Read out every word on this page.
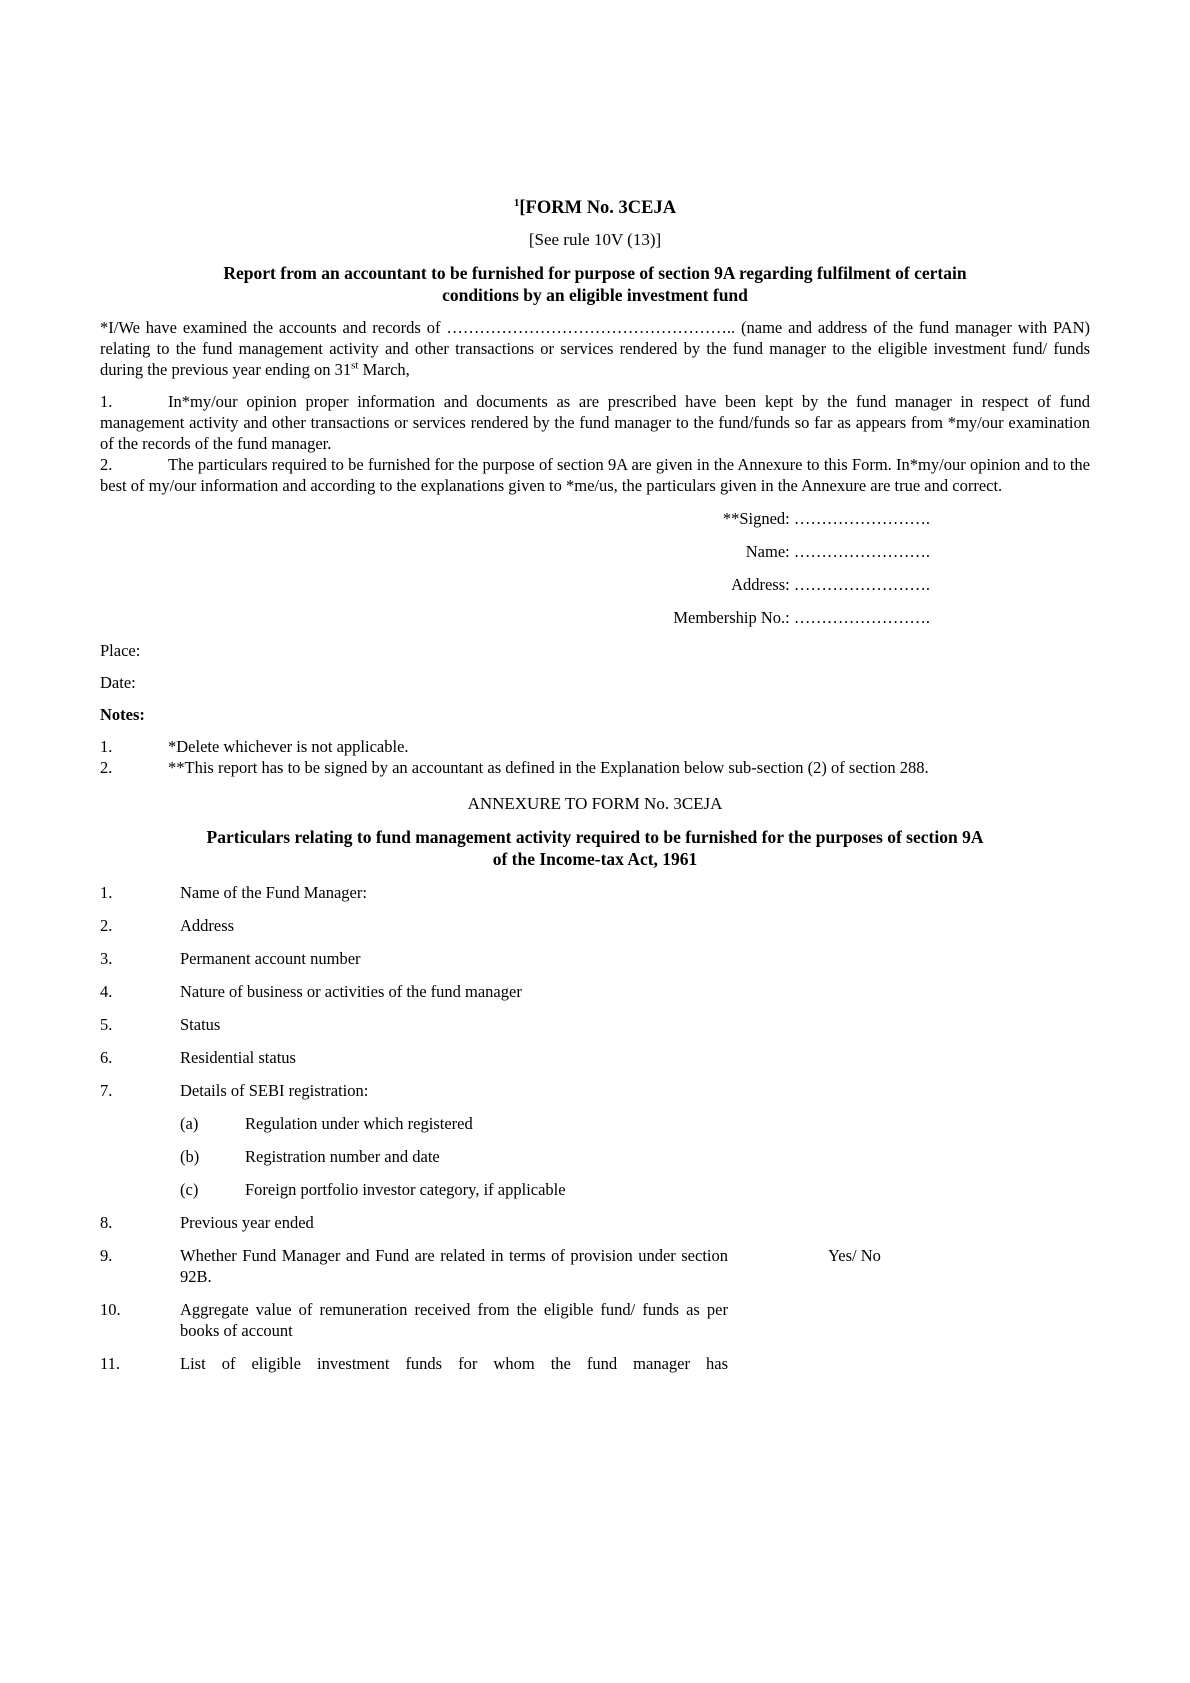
$^1$[FORM No. 3CEJA
[See rule 10V (13)]
Report from an accountant to be furnished for purpose of section 9A regarding fulfilment of certain
conditions by an eligible investment fund

*I/We have examined the accounts and records of …………………………………………….. (name and address of the fund manager with PAN) relating to the fund management activity and other transactions or services rendered by the fund manager to the eligible investment fund/ funds during the previous year ending on 31st March,

1.	In*my/our opinion proper information and documents as are prescribed have been kept by the fund manager in respect of fund management activity and other transactions or services rendered by the fund manager to the fund/funds so far as appears from *my/our examination of the records of the fund manager.

2.	The particulars required to be furnished for the purpose of section 9A are given in the Annexure to this Form. In*my/our opinion and to the best of my/our information and according to the explanations given to *me/us, the particulars given in the Annexure are true and correct.

**Signed: …………………….
Name: …………………….
Address: …………………….
Membership No.: …………………….
Place:
Date:
Notes:

1.	*Delete whichever is not applicable.

2.	**This report has to be signed by an accountant as defined in the Explanation below sub-section (2) of section 288.

ANNEXURE TO FORM No. 3CEJA
Particulars relating to fund management activity required to be furnished for the purposes of section 9A
of the Income-tax Act, 1961
1.	Name of the Fund Manager:
2.	Address
3.	Permanent account number
4.	Nature of business or activities of the fund manager
5.	Status
6.	Residential status
7.	Details of SEBI registration:
(a)	Regulation under which registered
(b)	Registration number and date
(c)	Foreign portfolio investor category, if applicable
8.	Previous year ended
9.	Whether Fund Manager and Fund are related in terms of provision under section 92B.
Yes/ No
10.	Aggregate value of remuneration received from the eligible fund/ funds as per books of account
11.	List of eligible investment funds for whom the fund manager has
